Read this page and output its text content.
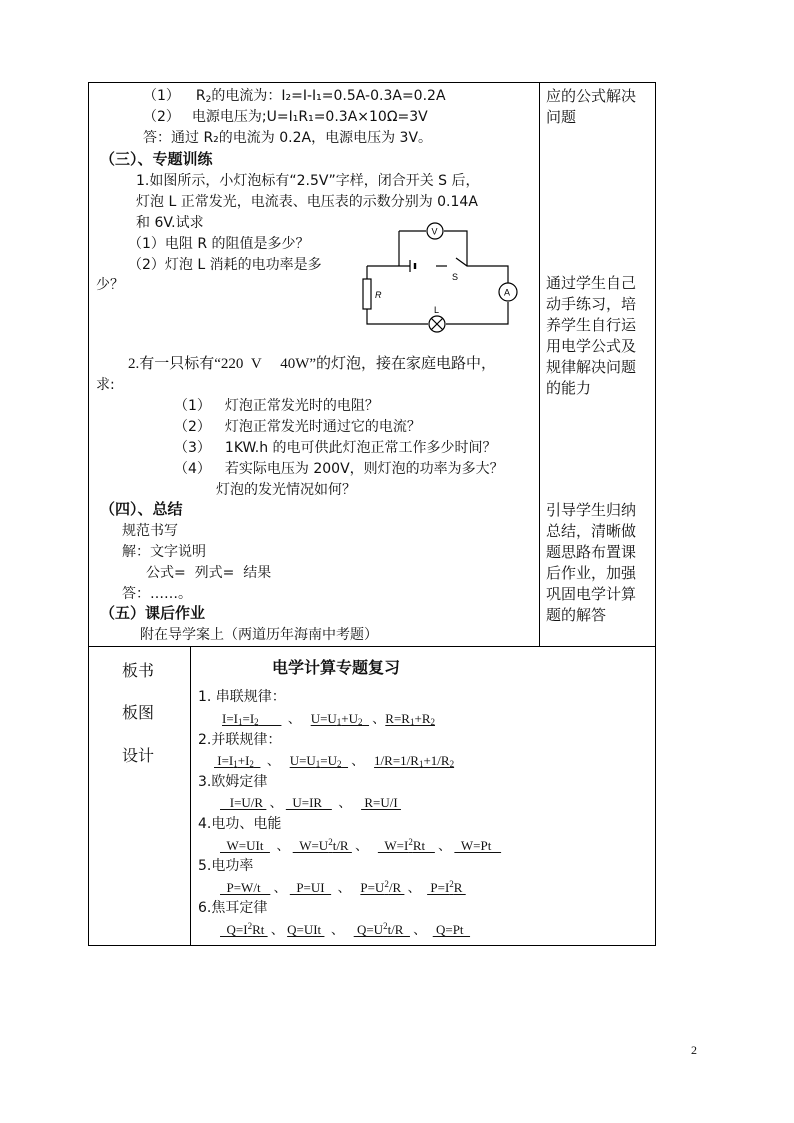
（1） $R_2$的电流为：I₂=I-I₁=0.5A-0.3A=0.2A
（2） 电源电压为;U=I₁R₁=0.3A×10Ω=3V
答：通过 R₂的电流为 0.2A，电源电压为 3V。
（三）、专题训练
1.如图所示，小灯泡标有“2.5V”字样，闭合开关 S 后，
灯泡 L 正常发光，电流表、电压表的示数分别为 0.14A
和 6V.试求
（1）电阻 R 的阻值是多少？
（2）灯泡 L 消耗的电功率是多
少？
V
A
S
R
L
2.有一只标有“220  V     40W”的灯泡，接在家庭电路中，
求:
（1） 灯泡正常发光时的电阻？
（2） 灯泡正常发光时通过它的电流？
（3） 1KW.h 的电可供此灯泡正常工作多少时间？
（4） 若实际电压为 200V，则灯泡的功率为多大？
灯泡的发光情况如何？
（四）、总结
规范书写
解：文字说明
公式=  列式=  结果
答：……。
（五）课后作业
附在导学案上（两道历年海南中考题）
应的公式解决问题
通过学生自己动手练习，培养学生自行运用电学公式及规律解决问题的能力
引导学生归纳总结，清晰做题思路布置课后作业，加强巩固电学计算题的解答
板书
板图
设计
电学计算专题复习
1. 串联规律：
$I=I_1=I_2$ 、 $U=U_1+U_2$ 、$R=R_1+R_2$
2.并联规律：
$I=I_1+I_2$ 、 $U=U_1=U_2$ 、 $1/R=1/R_1+1/R_2$
3.欧姆定律
I=U/R  、   U=IR     、    R=U/I
4.电功、电能
W=UIt    、   $W=U^2t/R$  、     $W=I^2Rt$    、   W=Pt
5.电功率
P=W/t    、   P=UI    、 $P=U^2/R$  、   $P=I^2R$
6.焦耳定律
$Q=I^2Rt$  、 Q=UIt   、    $Q=U^2t/R$   、   Q=Pt
2
